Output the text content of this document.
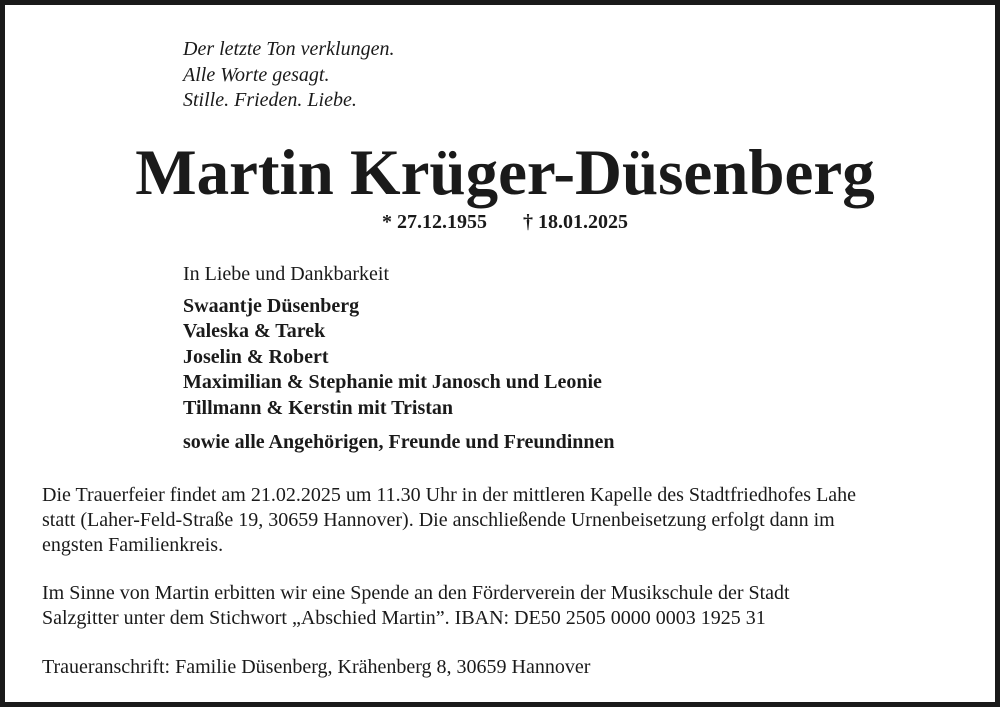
Der letzte Ton verklungen.
Alle Worte gesagt.
Stille. Frieden. Liebe.
Martin Krüger-Düsenberg
* 27.12.1955 † 18.01.2025
In Liebe und Dankbarkeit
Swaantje Düsenberg
Valeska & Tarek
Joselin & Robert
Maximilian & Stephanie mit Janosch und Leonie
Tillmann & Kerstin mit Tristan
sowie alle Angehörigen, Freunde und Freundinnen

Die Trauerfeier findet am 21.02.2025 um 11.30 Uhr in der mittleren Kapelle des Stadtfriedhofes Lahe
statt (Laher-Feld-Straße 19, 30659 Hannover). Die anschließende Urnenbeisetzung erfolgt dann im
engsten Familienkreis.

Im Sinne von Martin erbitten wir eine Spende an den Förderverein der Musikschule der Stadt
Salzgitter unter dem Stichwort „Abschied Martin”. IBAN: DE50 2505 0000 0003 1925 31

Traueranschrift: Familie Düsenberg, Krähenberg 8, 30659 Hannover
